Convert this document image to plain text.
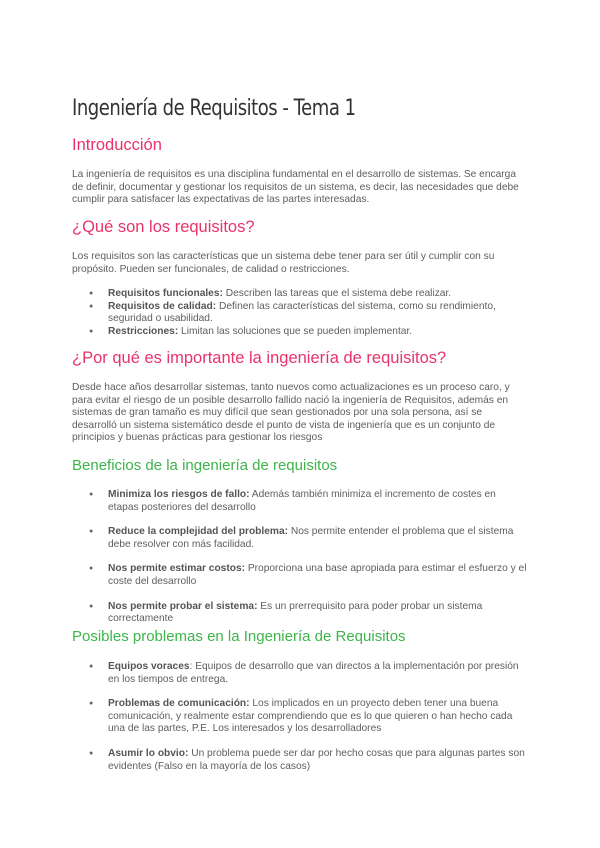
Ingeniería de Requisitos - Tema 1
Introducción
La ingeniería de requisitos es una disciplina fundamental en el desarrollo de sistemas. Se encarga de definir, documentar y gestionar los requisitos de un sistema, es decir, las necesidades que debe cumplir para satisfacer las expectativas de las partes interesadas.
¿Qué son los requisitos?
Los requisitos son las características que un sistema debe tener para ser útil y cumplir con su propósito. Pueden ser funcionales, de calidad o restricciones.
● Requisitos funcionales: Describen las tareas que el sistema debe realizar.
● Requisitos de calidad: Definen las características del sistema, como su rendimiento, seguridad o usabilidad.
● Restricciones: Limitan las soluciones que se pueden implementar.
¿Por qué es importante la ingeniería de requisitos?
Desde hace años desarrollar sistemas, tanto nuevos como actualizaciones es un proceso caro, y para evitar el riesgo de un posible desarrollo fallido nació la ingeniería de Requisitos, además en sistemas de gran tamaño es muy difícil que sean gestionados por una sola persona, así se desarrolló un sistema sistemático desde el punto de vista de ingeniería que es un conjunto de principios y buenas prácticas para gestionar los riesgos
Beneficios de la ingeniería de requisitos
● Minimiza los riesgos de fallo: Además también minimiza el incremento de costes en etapas posteriores del desarrollo
● Reduce la complejidad del problema: Nos permite entender el problema que el sistema debe resolver con más facilidad.
● Nos permite estimar costos: Proporciona una base apropiada para estimar el esfuerzo y el coste del desarrollo
● Nos permite probar el sistema: Es un prerrequisito para poder probar un sistema correctamente
Posibles problemas en la Ingeniería de Requisitos
● Equipos voraces: Equipos de desarrollo que van directos a la implementación por presión en los tiempos de entrega.
● Problemas de comunicación: Los implicados en un proyecto deben tener una buena comunicación, y realmente estar comprendiendo que es lo que quieren o han hecho cada una de las partes, P.E. Los interesados y los desarrolladores
● Asumir lo obvio: Un problema puede ser dar por hecho cosas que para algunas partes son evidentes (Falso en la mayoría de los casos)
